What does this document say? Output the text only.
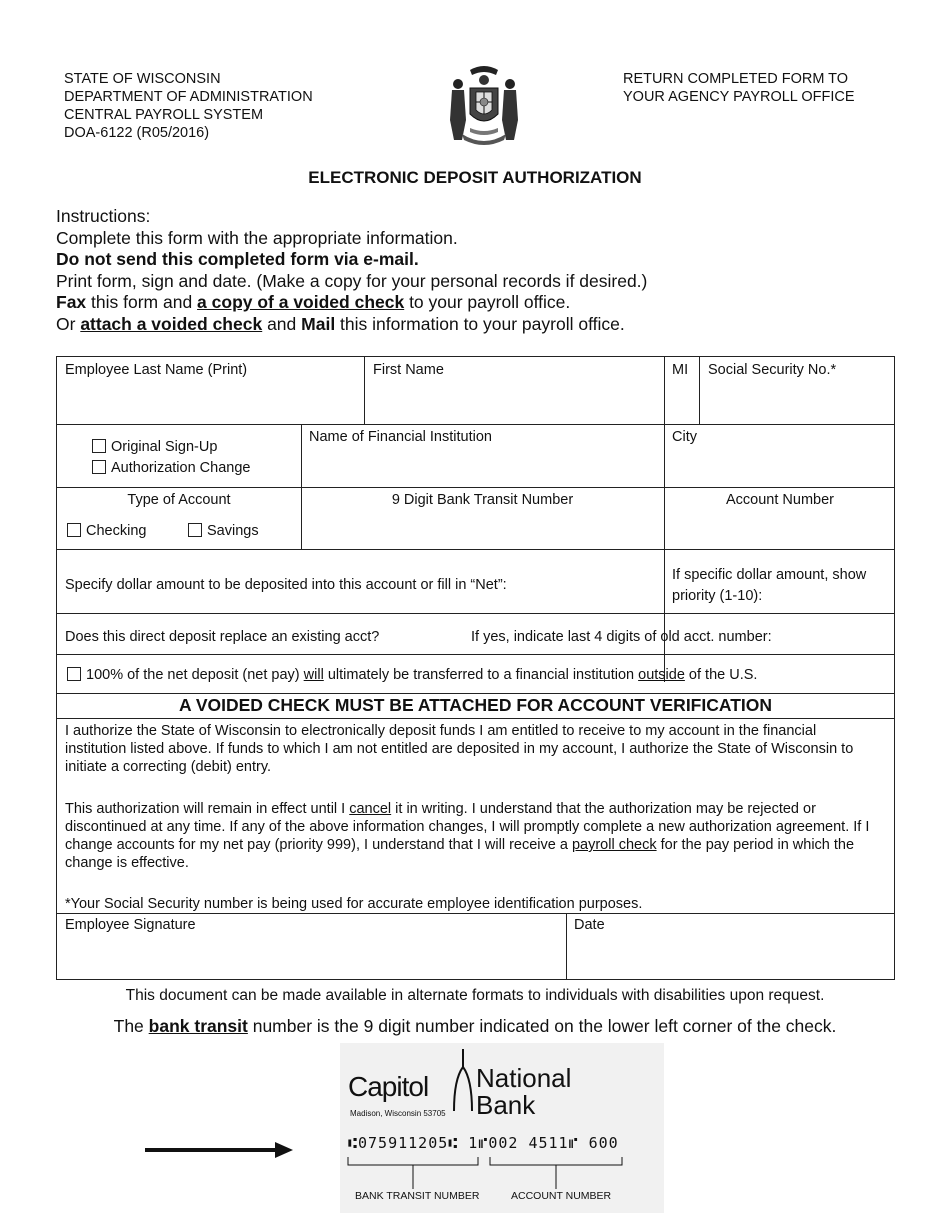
STATE OF WISCONSIN
DEPARTMENT OF ADMINISTRATION
CENTRAL PAYROLL SYSTEM
DOA-6122 (R05/2016)
RETURN COMPLETED FORM TO
YOUR AGENCY PAYROLL OFFICE
ELECTRONIC DEPOSIT AUTHORIZATION
Instructions:
Complete this form with the appropriate information.
Do not send this completed form via e-mail.
Print form, sign and date. (Make a copy for your personal records if desired.)
Fax this form and a copy of a voided check to your payroll office.
Or attach a voided check and Mail this information to your payroll office.
Employee Last Name (Print)	First Name	MI Social Security No.*
Original Sign-Up
Authorization Change
Name of Financial Institution	City
Type of Account
Checking	Savings
9 Digit Bank Transit Number	Account Number
Specify dollar amount to be deposited into this account or fill in “Net”:
If specific dollar amount, show priority (1-10):
Does this direct deposit replace an existing acct?	If yes, indicate last 4 digits of old acct. number:
100% of the net deposit (net pay) will ultimately be transferred to a financial institution outside of the U.S.
A VOIDED CHECK MUST BE ATTACHED FOR ACCOUNT VERIFICATION
I authorize the State of Wisconsin to electronically deposit funds I am entitled to receive to my account in the financial institution listed above. If funds to which I am not entitled are deposited in my account, I authorize the State of Wisconsin to initiate a correcting (debit) entry.
This authorization will remain in effect until I cancel it in writing. I understand that the authorization may be rejected or discontinued at any time. If any of the above information changes, I will promptly complete a new authorization agreement. If I change accounts for my net pay (priority 999), I understand that I will receive a payroll check for the pay period in which the change is effective.
*Your Social Security number is being used for accurate employee identification purposes.
Employee Signature	Date
This document can be made available in alternate formats to individuals with disabilities upon request.
The bank transit number is the 9 digit number indicated on the lower left corner of the check.
Capitol National
Bank
Madison, Wisconsin 53705
⑆075911205⑆ 1⑈002 4511⑈ 600
BANK TRANSIT NUMBER	ACCOUNT NUMBER
